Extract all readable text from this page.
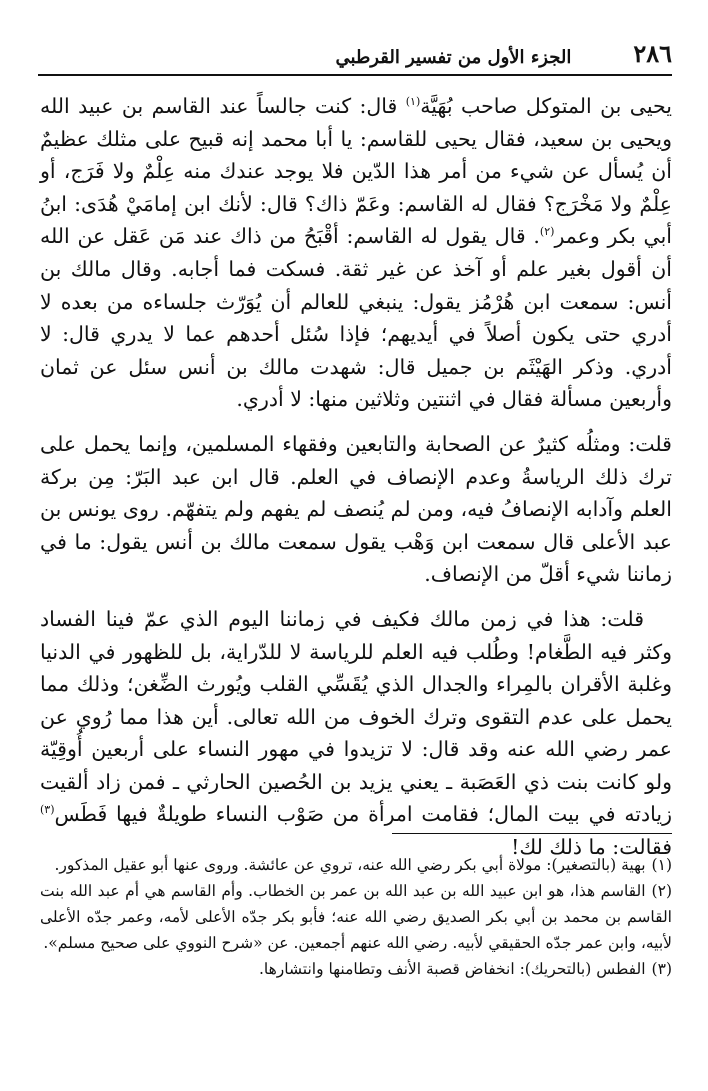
٢٨٦
الجزء الأول من تفسير القرطبي

يحيى بن المتوكل صاحب بُهَيَّة$^{(١)}$ قال: كنت جالساً عند القاسم بن عبيد الله ويحيى بن سعيد، فقال يحيى للقاسم: يا أبا محمد إنه قبيح على مثلك عظيمٌ أن يُسأل عن شيء من أمر هذا الدّين فلا يوجد عندك منه عِلْمٌ ولا فَرَج، أو عِلْمٌ ولا مَخْرَج؟ فقال له القاسم: وعَمّ ذاك؟ قال: لأنك ابن إمامَيْ هُدَى: ابنُ أبي بكر وعمر$^{(٢)}$. قال يقول له القاسم: أقْبَحُ من ذاك عند مَن عَقل عن الله أن أقول بغير علم أو آخذ عن غير ثقة. فسكت فما أجابه. وقال مالك بن أنس: سمعت ابن هُرْمُز يقول: ينبغي للعالم أن يُوَرّث جلساءه من بعده لا أدري حتى يكون أصلاً في أيديهم؛ فإذا سُئل أحدهم عما لا يدري قال: لا أدري. وذكر الهَيْثَم بن جميل قال: شهدت مالك بن أنس سئل عن ثمان وأربعين مسألة فقال في اثنتين وثلاثين منها: لا أدري.

قلت: ومثلُه كثيرٌ عن الصحابة والتابعين وفقهاء المسلمين، وإنما يحمل على ترك ذلك الرياسةُ وعدم الإنصاف في العلم. قال ابن عبد البَرّ: مِن بركة العلم وآدابه الإنصافُ فيه، ومن لم يُنصف لم يفهم ولم يتفهّم. روى يونس بن عبد الأعلى قال سمعت ابن وَهْب يقول سمعت مالك بن أنس يقول: ما في زماننا شيء أقلّ من الإنصاف.

قلت: هذا في زمن مالك فكيف في زماننا اليوم الذي عمّ فينا الفساد وكثر فيه الطَّغام! وطُلب فيه العلم للرياسة لا للدّراية، بل للظهور في الدنيا وغلبة الأقران بالمِراء والجدال الذي يُقَسِّي القلب ويُورث الضِّغن؛ وذلك مما يحمل على عدم التقوى وترك الخوف من الله تعالى. أين هذا مما رُوي عن عمر رضي الله عنه وقد قال: لا تزيدوا في مهور النساء على أربعين أُوقِيّة ولو كانت بنت ذي العَصَبة ـ يعني يزيد بن الحُصين الحارثي ـ فمن زاد ألقيت زيادته في بيت المال؛ فقامت امرأة من صَوْب النساء طويلةٌ فيها فَطَس$^{(٣)}$ فقالت: ما ذلك لك!

(١)بهية (بالتصغير): مولاة أبي بكر رضي الله عنه، تروي عن عائشة. وروى عنها أبو عقيل المذكور.

(٢)القاسم هذا، هو ابن عبيد الله بن عبد الله بن عمر بن الخطاب. وأم القاسم هي أم عبد الله بنت القاسم بن محمد بن أبي بكر الصديق رضي الله عنه؛ فأبو بكر جدّه الأعلى لأمه، وعمر جدّه الأعلى لأبيه، وابن عمر جدّه الحقيقي لأبيه. رضي الله عنهم أجمعين. عن «شرح النووي على صحيح مسلم».

(٣)الفطس (بالتحريك): انخفاض قصبة الأنف وتطامنها وانتشارها.
